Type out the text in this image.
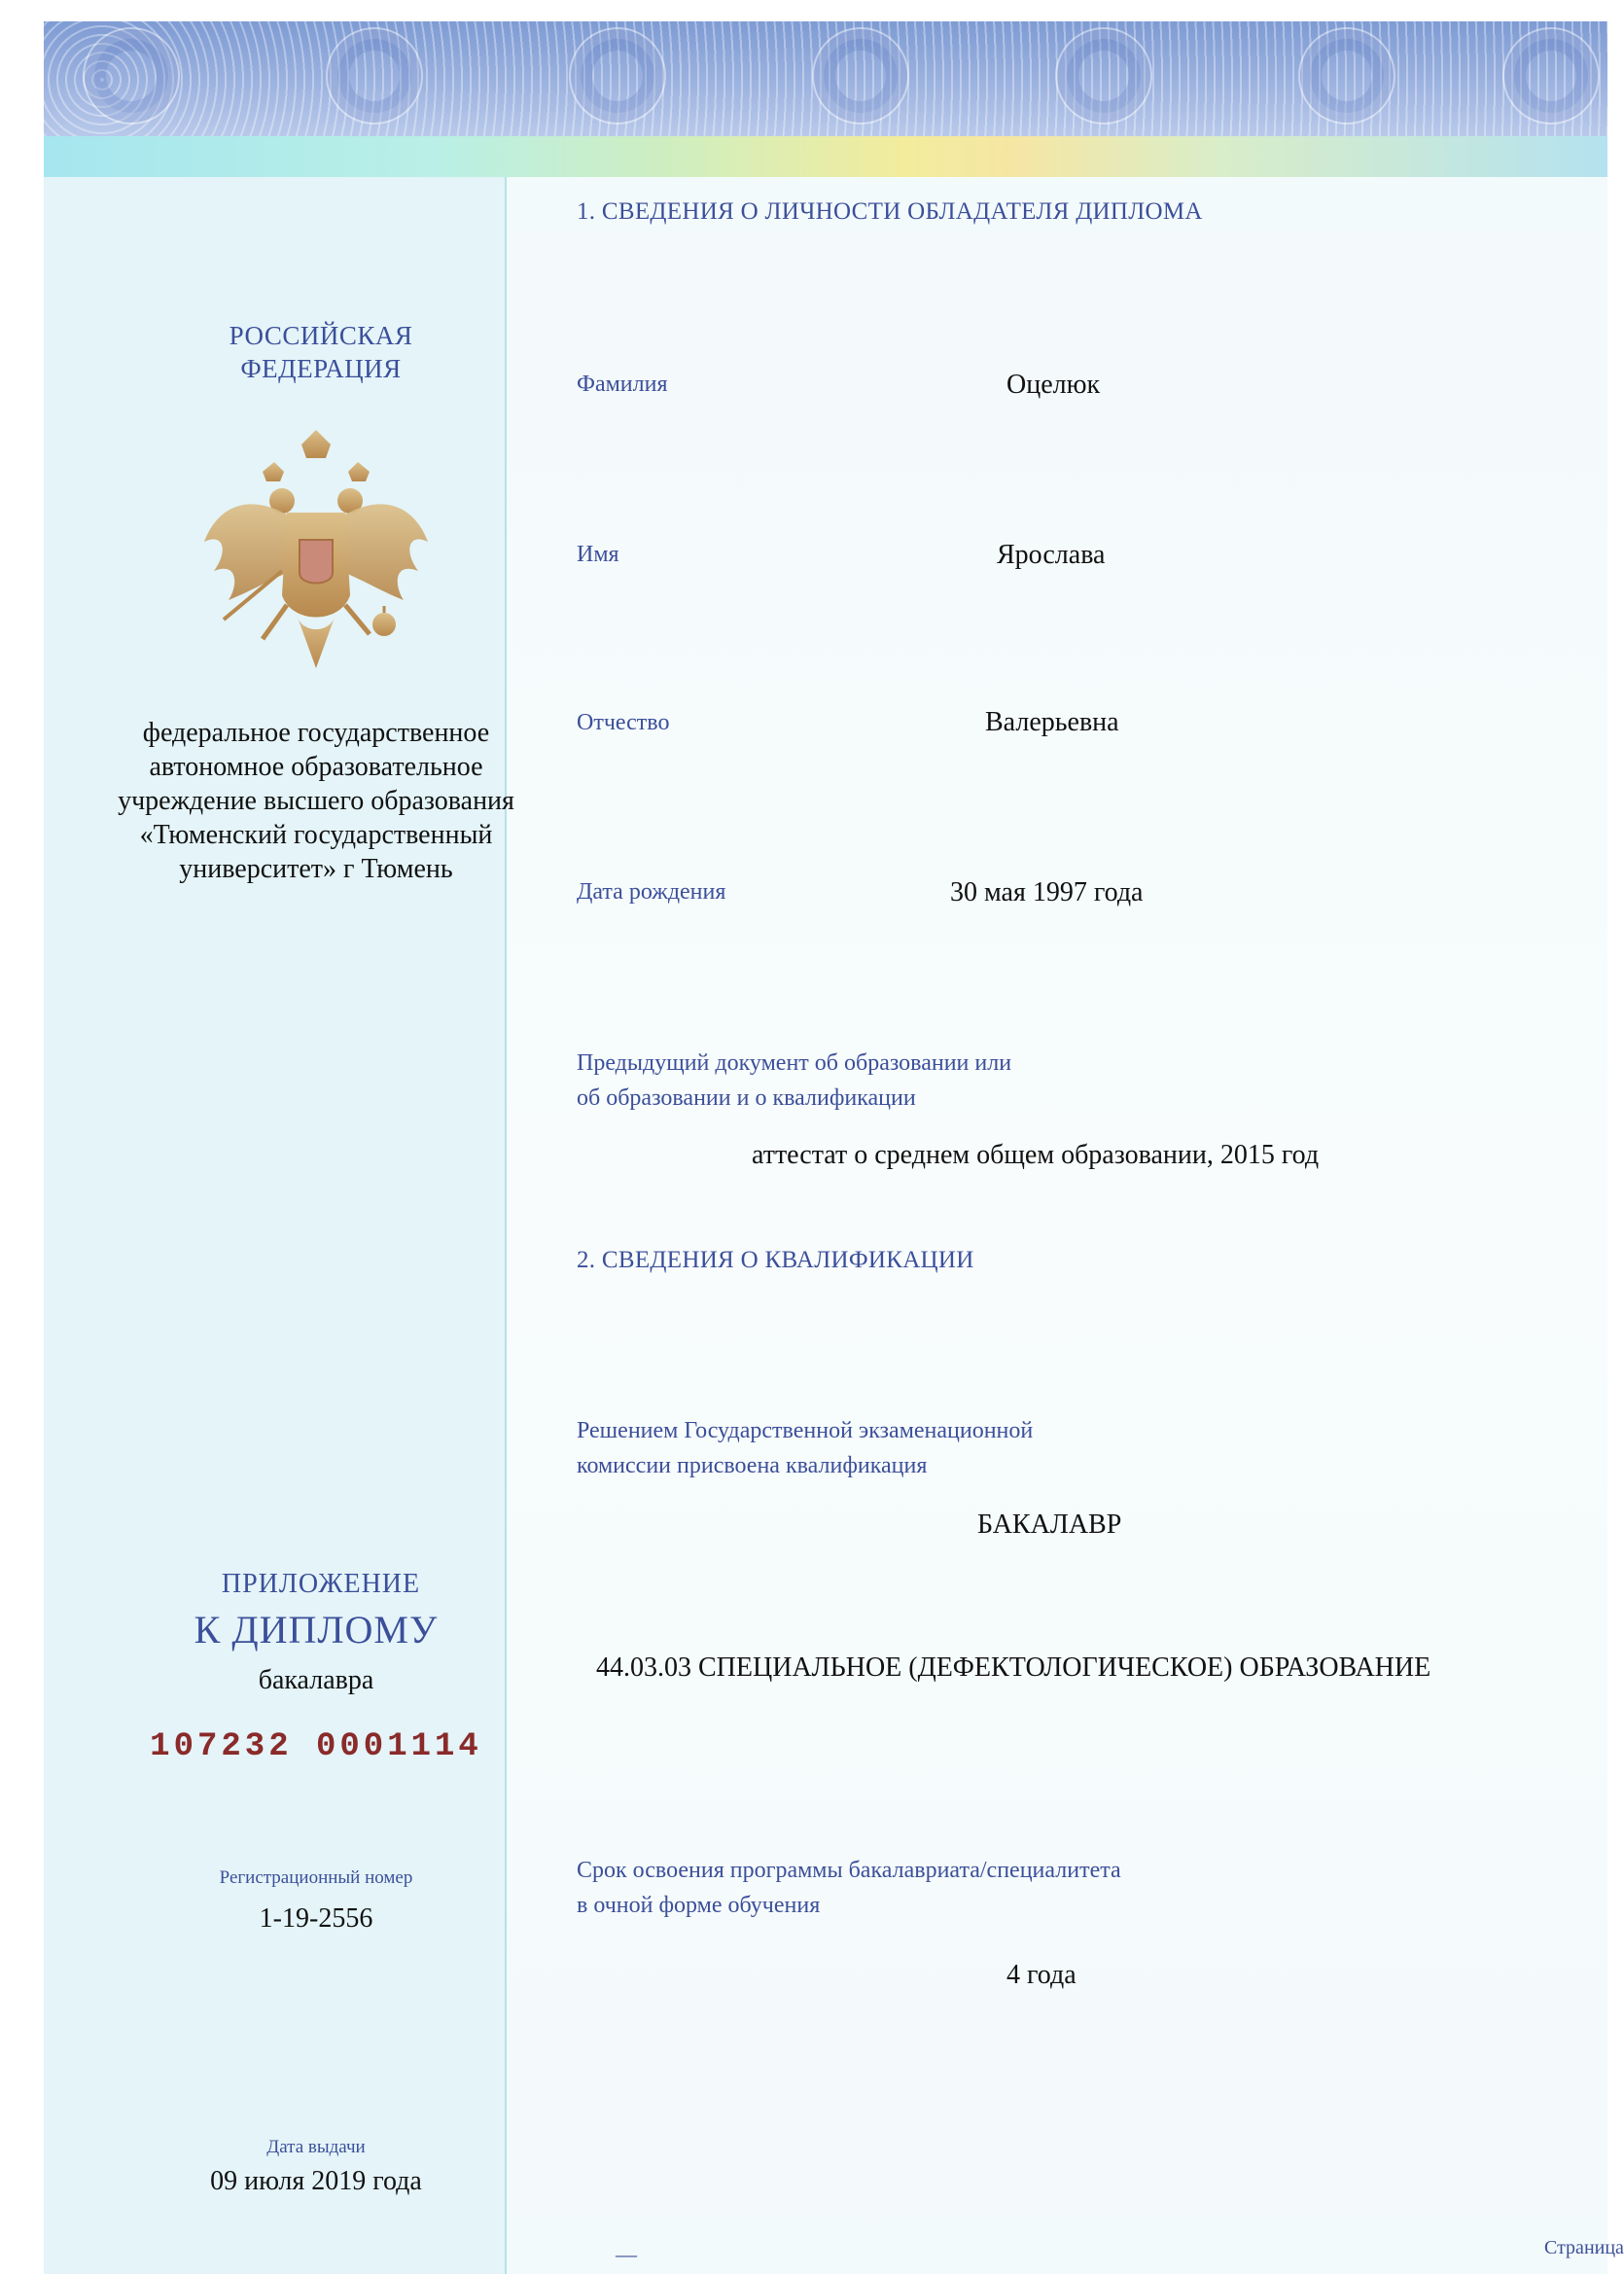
РОССИЙСКАЯ ФЕДЕРАЦИЯ

федеральное государственное автономное образовательное учреждение высшего образования «Тюменский государственный университет» г Тюмень

ПРИЛОЖЕНИЕ

К ДИПЛОМУ

бакалавра

107232 0001114

Регистрационный номер

1-19-2556

Дата выдачи

09 июля 2019 года

1. СВЕДЕНИЯ О ЛИЧНОСТИ ОБЛАДАТЕЛЯ ДИПЛОМА

Фамилия	Оцелюк

Имя	Ярослава

Отчество	Валерьевна

Дата рождения	30 мая 1997 года

Предыдущий документ об образовании или

об образовании и о квалификации

аттестат о среднем общем образовании, 2015 год

2. СВЕДЕНИЯ О КВАЛИФИКАЦИИ

Решением Государственной экзаменационной

комиссии присвоена квалификация

БАКАЛАВР

44.03.03 СПЕЦИАЛЬНОЕ (ДЕФЕКТОЛОГИЧЕСКОЕ) ОБРАЗОВАНИЕ

Срок освоения программы бакалавриата/специалитета

в очной форме обучения

4 года

—	Страница
